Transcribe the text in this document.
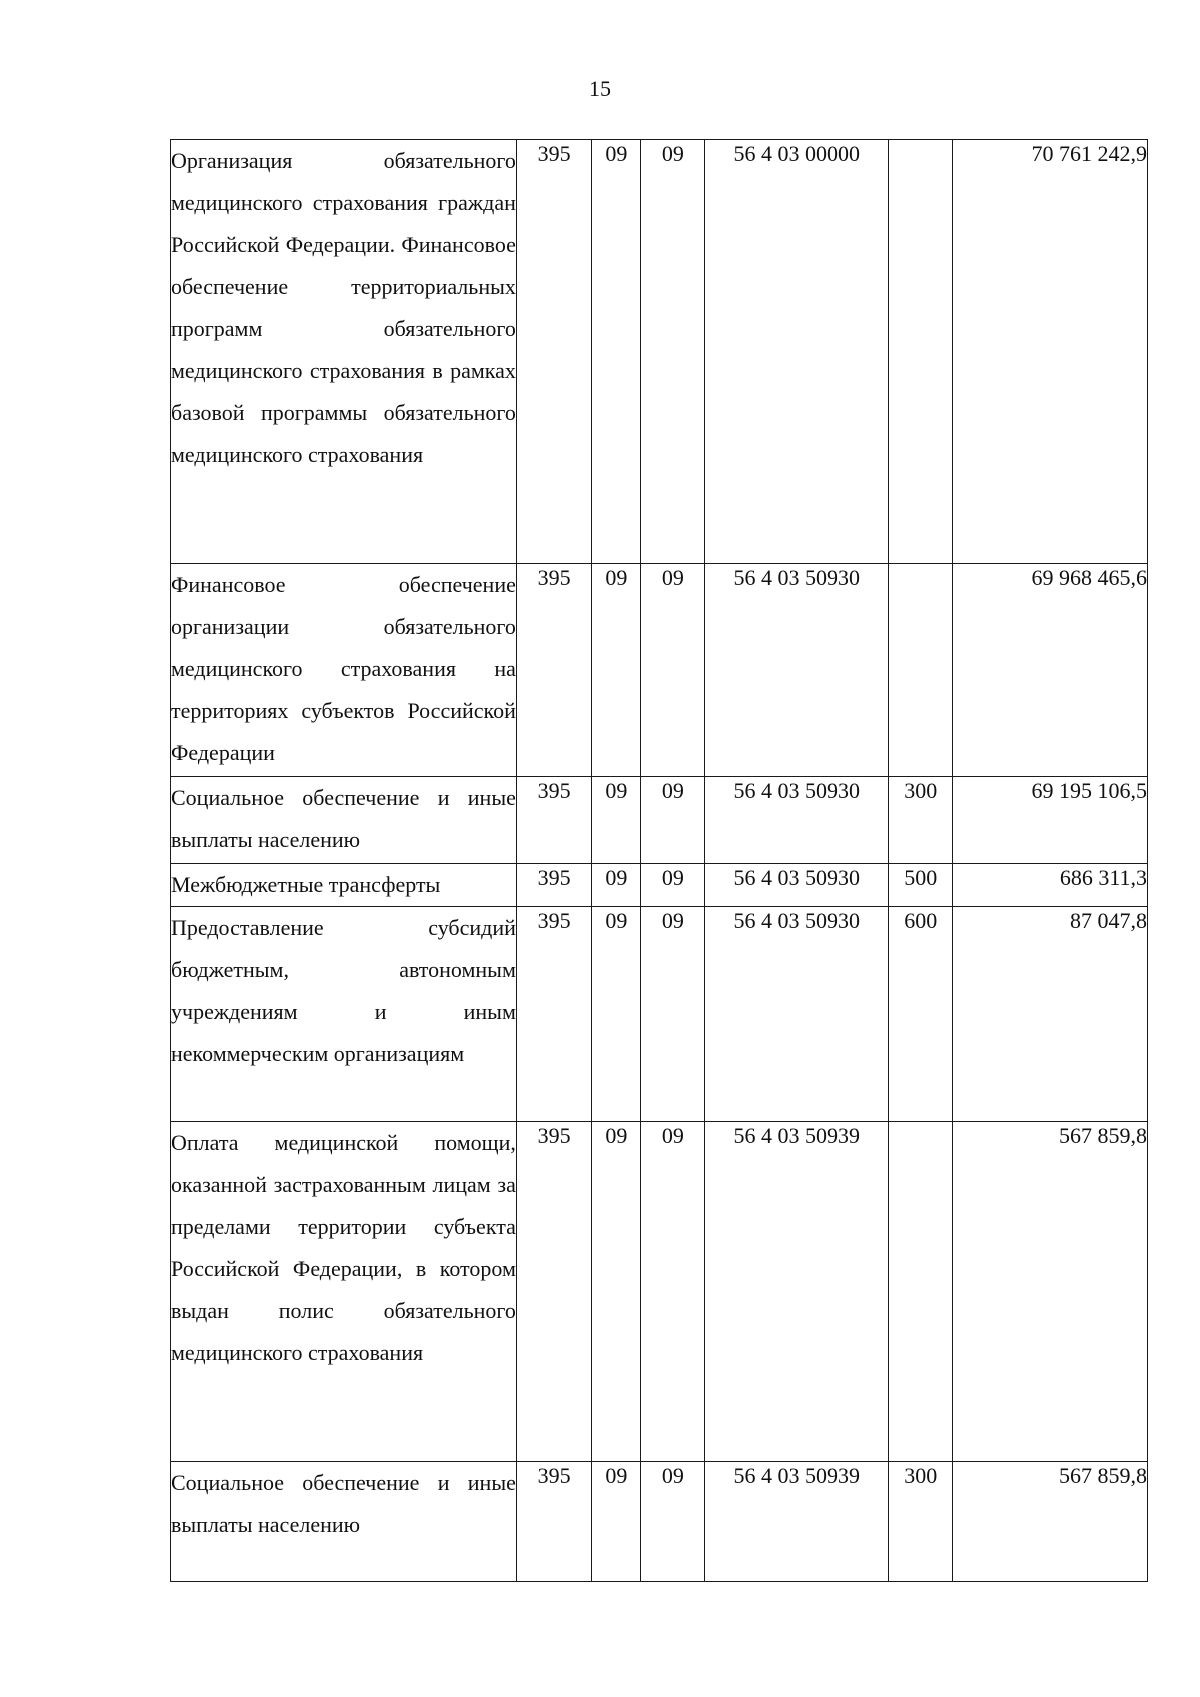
15
Организация обязательного медицинского страхования граждан Российской Федерации. Финансовое обеспечение территориальных программ обязательного медицинского страхования в рамках базовой программы обязательного медицинского страхования	395	09	09	56 4 03 00000		70 761 242,9

Финансовое обеспечение организации обязательного медицинского страхования на территориях субъектов Российской Федерации	395	09	09	56 4 03 50930		69 968 465,6

Социальное обеспечение и иные выплаты населению	395	09	09	56 4 03 50930	300	69 195 106,5

Межбюджетные трансферты	395	09	09	56 4 03 50930	500	686 311,3

Предоставление субсидий бюджетным, автономным учреждениям и иным некоммерческим организациям	395	09	09	56 4 03 50930	600	87 047,8

Оплата медицинской помощи, оказанной застрахованным лицам за пределами территории субъекта Российской Федерации, в котором выдан полис обязательного медицинского страхования	395	09	09	56 4 03 50939		567 859,8

Социальное обеспечение и иные выплаты населению	395	09	09	56 4 03 50939	300	567 859,8
